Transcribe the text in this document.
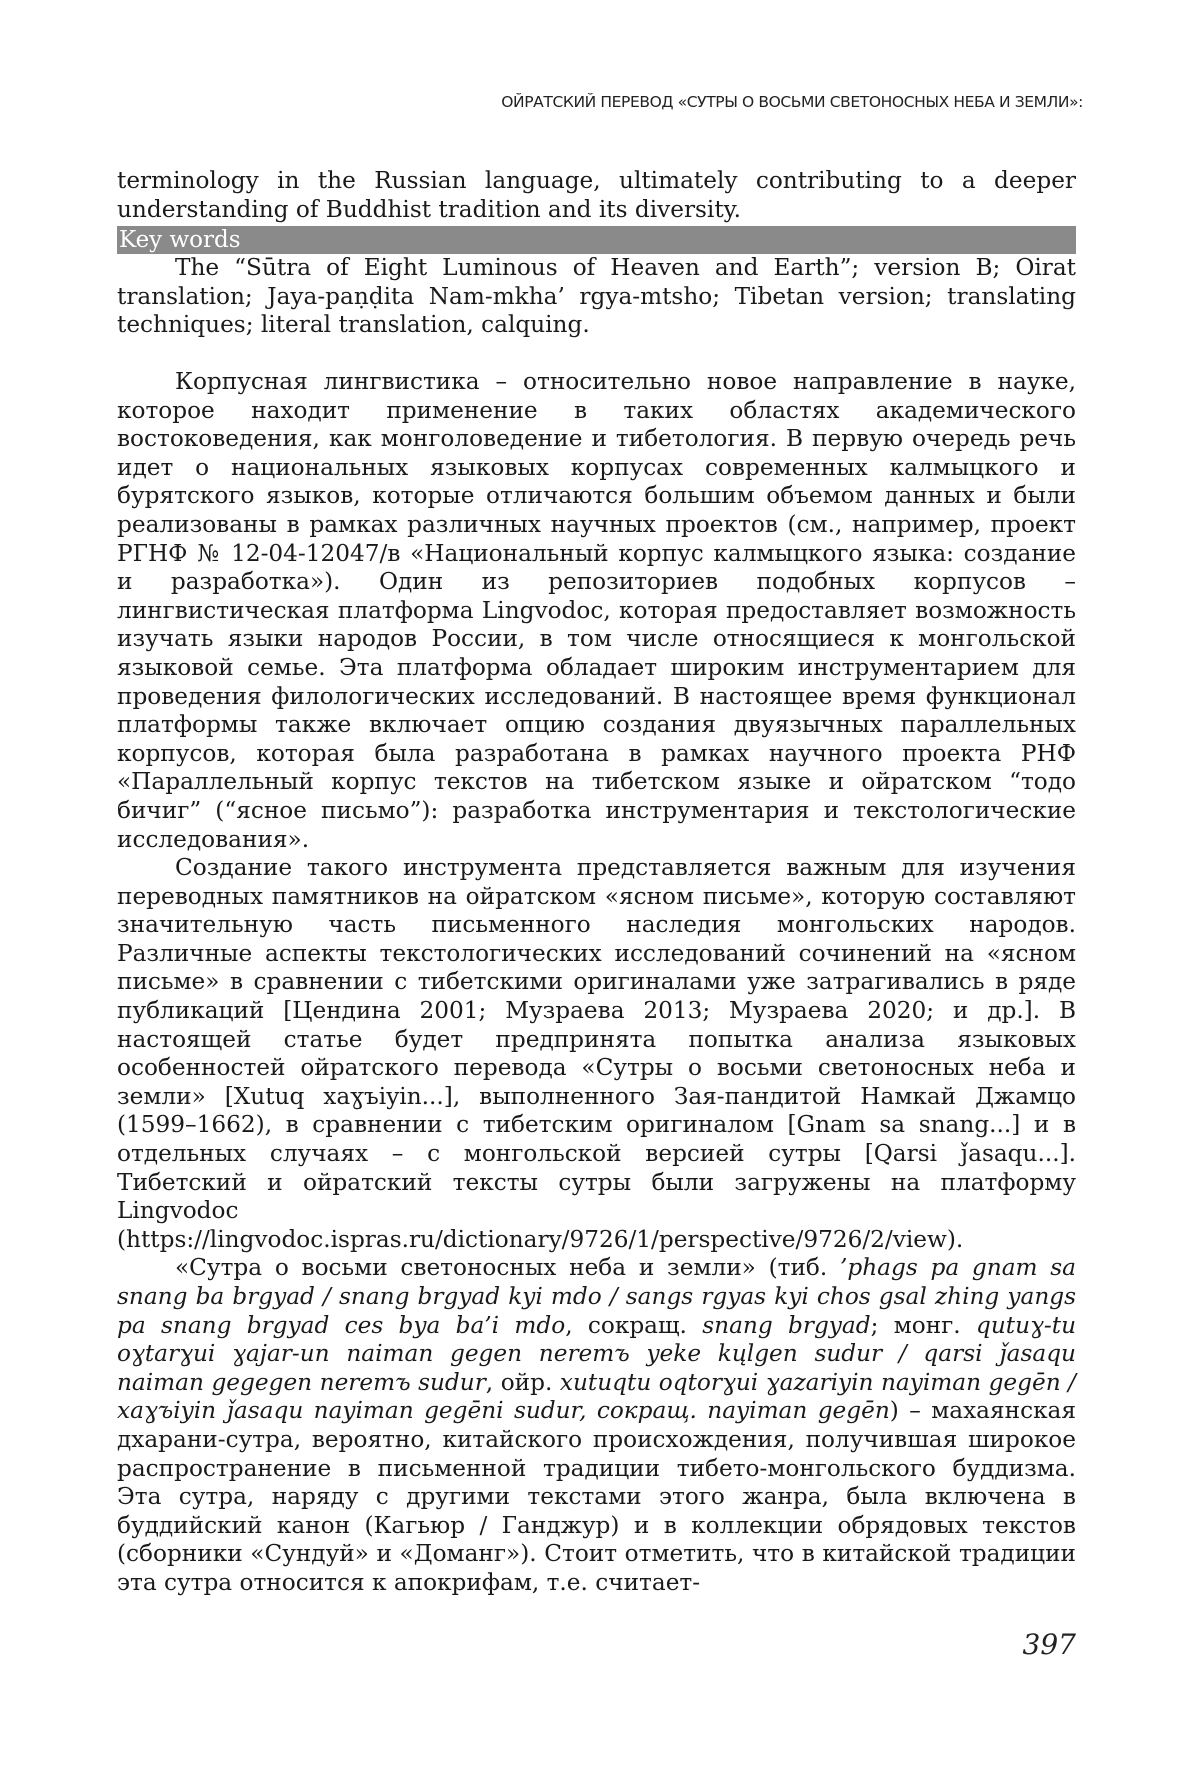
ОЙРАТСКИЙ ПЕРЕВОД «СУТРЫ О ВОСЬМИ СВЕТОНОСНЫХ НЕБА И ЗЕМЛИ»:

terminology in the Russian language, ultimately contributing to a deeper understanding of Buddhist tradition and its diversity.

Key words

The “Sūtra of Eight Luminous of Heaven and Earth”; version B; Oirat translation; Jaya-paṇḍita Nam-mkha’ rgya-mtsho; Tibetan version; translating techniques; literal translation, calquing.

Корпусная лингвистика – относительно новое направление в науке, которое находит применение в таких областях академического востоковедения, как монголоведение и тибетология. В первую очередь речь идет о национальных языковых корпусах современных калмыцкого и бурятского языков, которые отличаются большим объемом данных и были реализованы в рамках различных научных проектов (см., например, проект РГНФ № 12-04-12047/в «Национальный корпус калмыцкого языка: создание и разработка»). Один из репозиториев подобных корпусов – лингвистическая платформа Lingvodoc, которая предоставляет возможность изучать языки народов России, в том числе относящиеся к монгольской языковой семье. Эта платформа обладает широким инструментарием для проведения филологических исследований. В настоящее время функционал платформы также включает опцию создания двуязычных параллельных корпусов, которая была разработана в рамках научного проекта РНФ «Параллельный корпус текстов на тибетском языке и ойратском “тодо бичиг” (“ясное письмо”): разработка инструментария и текстологические исследования».

Создание такого инструмента представляется важным для изучения переводных памятников на ойратском «ясном письме», которую составляют значительную часть письменного наследия монгольских народов. Различные аспекты текстологических исследований сочинений на «ясном письме» в сравнении с тибетскими оригиналами уже затрагивались в ряде публикаций [Цендина 2001; Музраева 2013; Музраева 2020; и др.]. В настоящей статье будет предпринята попытка анализа языковых особенностей ойратского перевода «Сутры о восьми светоносных неба и земли» [Xutuq xaɣъiyin...], выполненного Зая-пандитой Намкай Джамцо (1599–1662), в сравнении с тибетским оригиналом [Gnam sa snang...] и в отдельных случаях – с монгольской версией сутры [Qarsi ǰasaqu...]. Тибетский и ойратский тексты сутры были загружены на платформу Lingvodoc (https://lingvodoc.ispras.ru/dictionary/9726/1/perspective/9726/2/view).

«Сутра о восьми светоносных неба и земли» (тиб. ’phags pa gnam sa snang ba brgyad / snang brgyad kyi mdo / sangs rgyas kyi chos gsal zhing yangs pa snang brgyad ces bya ba’i mdo, сокращ. snang brgyad; монг. qutuɣ-tu oɣtarɣui ɣajar-un naiman gegen nereтъ yeke kųlgen sudur / qarsi ǰasaqu naiman gegegen nereтъ sudur, ойр. xutuqtu oqtorɣui ɣazariyin nayiman gegēn / xaɣъiyin ǰasaqu nayiman gegēni sudur, сокращ. nayiman gegēn) – махаянская дхарани-сутра, вероятно, китайского происхождения, получившая широкое распространение в письменной традиции тибето-монгольского буддизма. Эта сутра, наряду с другими текстами этого жанра, была включена в буддийский канон (Кагьюр / Ганджур) и в коллекции обрядовых текстов (сборники «Сундуй» и «Доманг»). Стоит отметить, что в китайской традиции эта сутра относится к апокрифам, т.е. считает-

397
